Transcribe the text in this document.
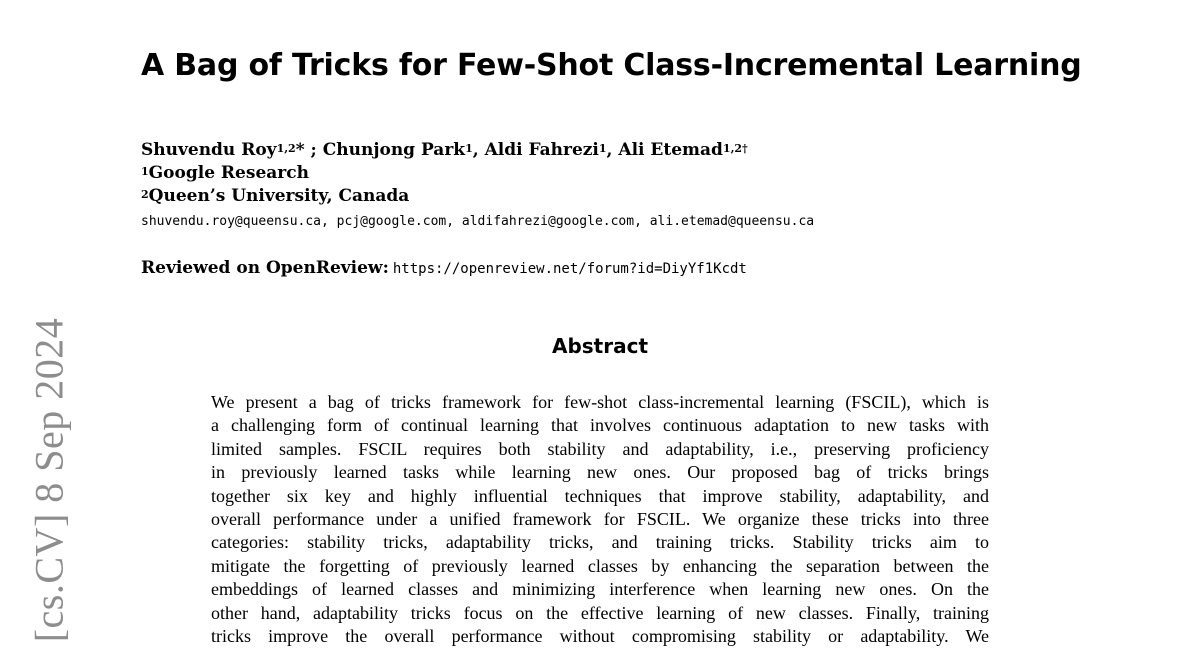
[cs.CV] 8 Sep 2024
A Bag of Tricks for Few-Shot Class-Incremental Learning
Shuvendu Roy$^{1,2}$* ; Chunjong Park$^1$, Aldi Fahrezi$^1$, Ali Etemad$^{1,2\dagger}$
$^1$Google Research
$^2$Queen’s University, Canada
shuvendu.roy@queensu.ca, pcj@google.com, aldifahrezi@google.com, ali.etemad@queensu.ca
Reviewed on OpenReview: https://openreview.net/forum?id=DiyYf1Kcdt
Abstract
We present a bag of tricks framework for few-shot class-incremental learning (FSCIL), which is
a challenging form of continual learning that involves continuous adaptation to new tasks with
limited samples. FSCIL requires both stability and adaptability, i.e., preserving proficiency
in previously learned tasks while learning new ones. Our proposed bag of tricks brings
together six key and highly influential techniques that improve stability, adaptability, and
overall performance under a unified framework for FSCIL. We organize these tricks into three
categories: stability tricks, adaptability tricks, and training tricks. Stability tricks aim to
mitigate the forgetting of previously learned classes by enhancing the separation between the
embeddings of learned classes and minimizing interference when learning new ones. On the
other hand, adaptability tricks focus on the effective learning of new classes. Finally, training
tricks improve the overall performance without compromising stability or adaptability. We
